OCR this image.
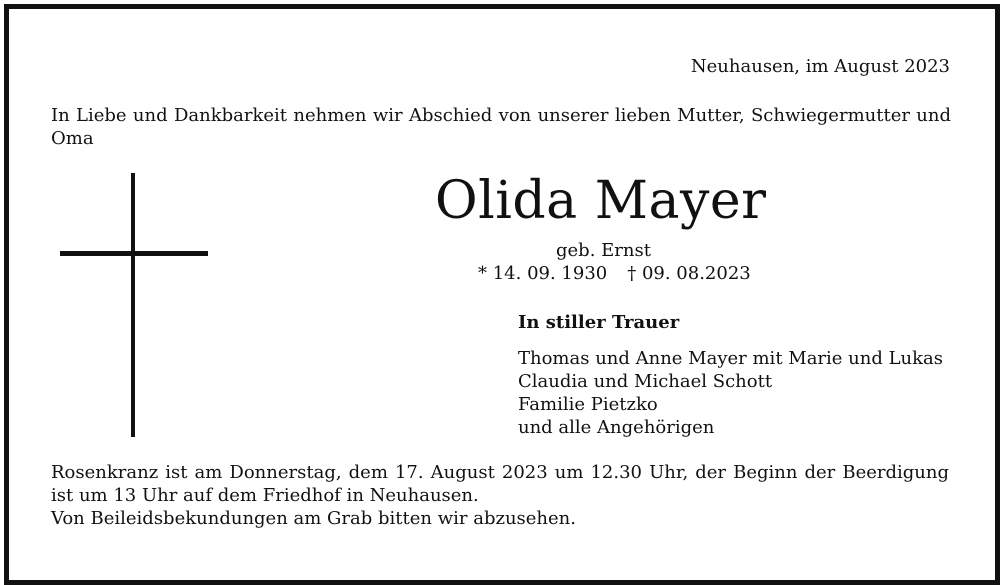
Neuhausen, im August 2023
In Liebe und Dankbarkeit nehmen wir Abschied von unserer lieben Mutter, Schwiegermutter und Oma
Olida Mayer
geb. Ernst
* 14. 09. 1930 † 09. 08.2023
In stiller Trauer
Thomas und Anne Mayer mit Marie und Lukas
Claudia und Michael Schott
Familie Pietzko
und alle Angehörigen

Rosenkranz ist am Donnerstag, dem 17. August 2023 um 12.30 Uhr, der Beginn der Beerdigung ist um 13 Uhr auf dem Friedhof in Neuhausen.

Von Beileidsbekundungen am Grab bitten wir abzusehen.
